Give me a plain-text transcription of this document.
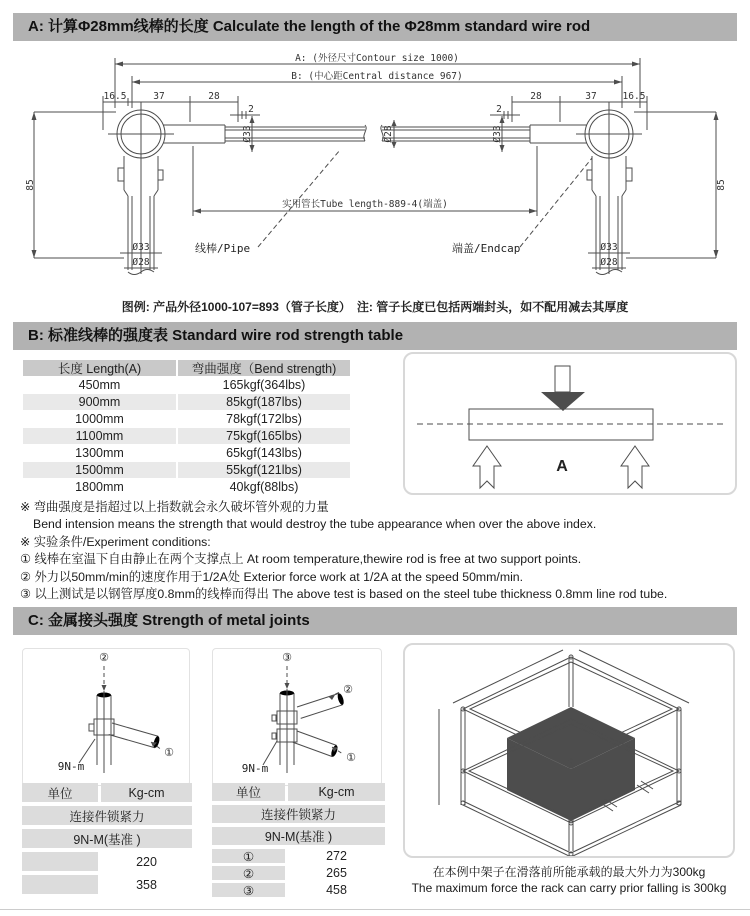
A: 计算Φ28mm线棒的长度 Calculate the length of the Φ28mm standard wire rod
A: (外径尺寸Contour size 1000)
B: (中心距Central distance 967)
16.5	37	28
2
28	37	16.5
2
Ø33	Ø33
Ø28
实用管长Tube length-889-4(端盖)
Ø33
Ø28
Ø33
Ø28
85	85
线棒/Pipe	端盖/Endcap
图例: 产品外径1000-107=893（管子长度）　注: 管子长度已包括两端封头，如不配用减去其厚度
B: 标准线棒的强度表 Standard wire rod strength table
长度 Length(A)	弯曲强度（Bend strength)
450mm	165kgf(364lbs)
900mm	85kgf(187lbs)
1000mm	78kgf(172lbs)
1100mm	75kgf(165lbs)
1300mm	65kgf(143lbs)
1500mm	55kgf(121lbs)
1800mm	40kgf(88lbs)
A
※ 弯曲强度是指超过以上指数就会永久破坏管外观的力量
Bend intension means the strength that would destroy the tube appearance when over the above index.
※ 实验条件/Experiment conditions:
① 线棒在室温下自由静止在两个支撑点上 At room temperature,thewire rod is free at two support points.
② 外力以50mm/min的速度作用于1/2A处 Exterior force work at 1/2A at the speed 50mm/min.
③ 以上测试是以钢管厚度0.8mm的线棒而得出 The above test is based on the steel tube thickness 0.8mm line rod tube.
C: 金属接头强度 Strength of metal joints
②
①
9N-m
③
②
①
9N-m
单位	Kg-cm
连接件锁紧力
9N-M(基准 )
220
358
单位	Kg-cm
连接件锁紧力
9N-M(基准 )
①	272
②	265
③	458
在本例中架子在滑落前所能承载的最大外力为300kg
The maximum force the rack can carry prior falling is 300kg
